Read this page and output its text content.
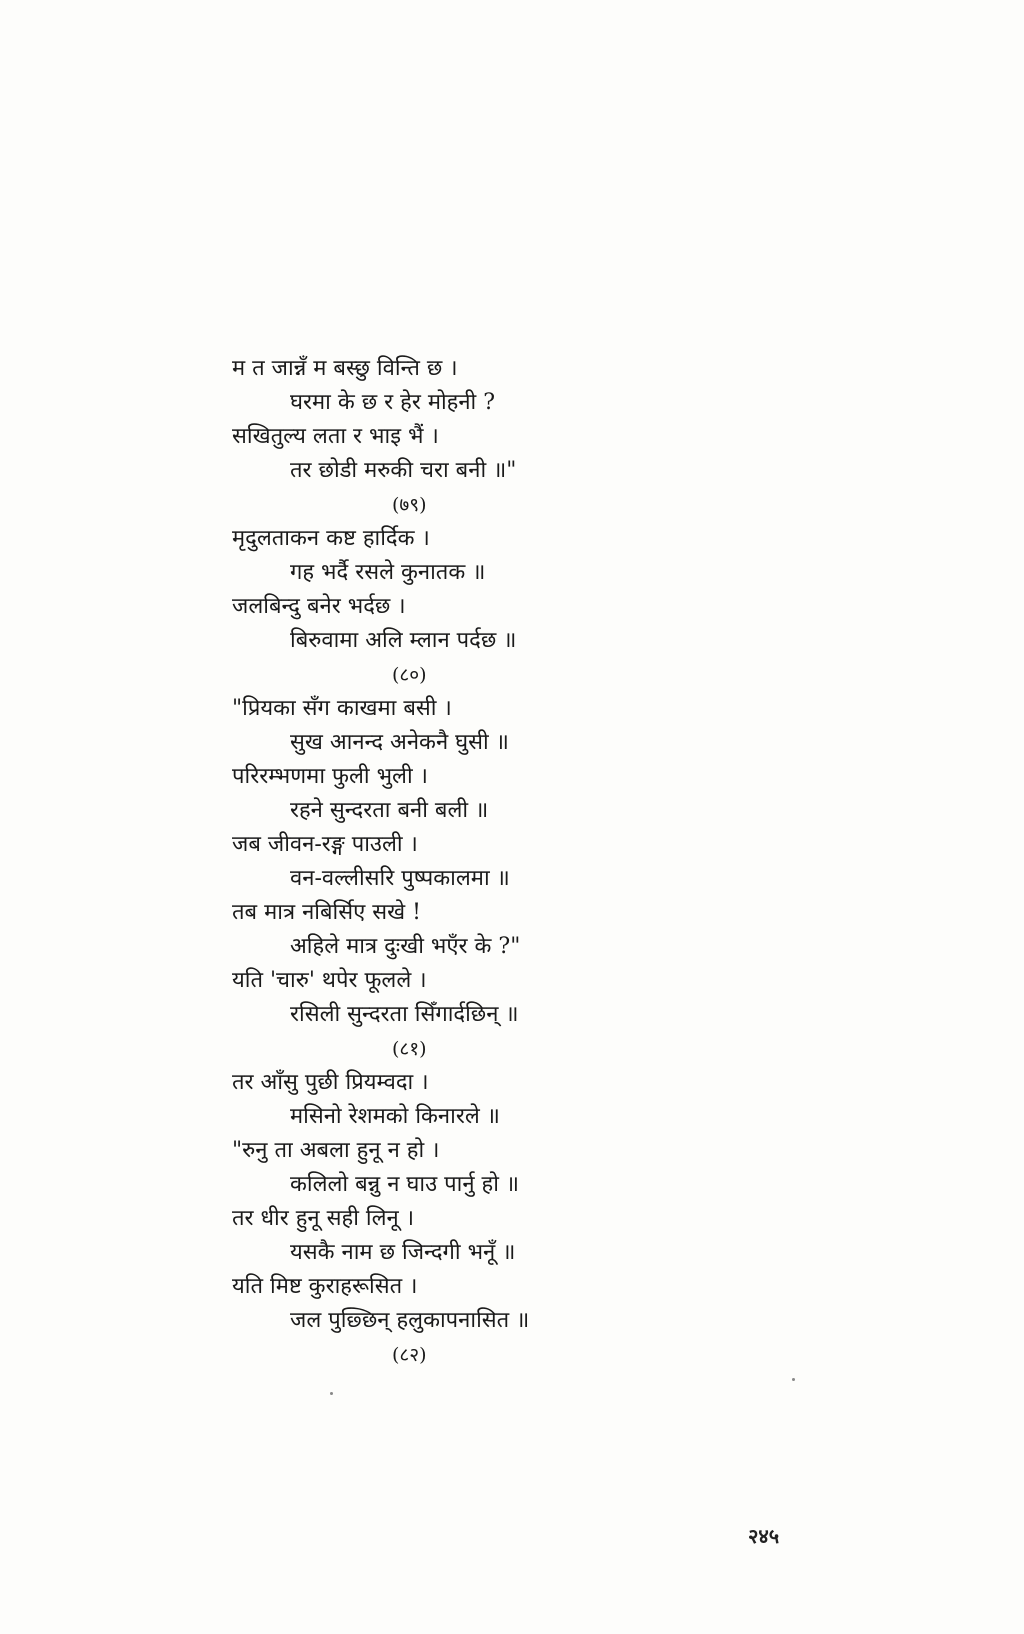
म त जान्नँ म बस्छु विन्ति छ ।
घरमा के छ र हेर मोहनी ?
सखितुल्य लता र भाइ भैं ।
तर छोडी मरुकी चरा बनी ॥"
(७९)
मृदुलताकन कष्ट हार्दिक ।
गह भर्दै रसले कुनातक ॥
जलबिन्दु बनेर भर्दछ ।
बिरुवामा अलि म्लान पर्दछ ॥
(८०)
"प्रियका सँग काखमा बसी ।
सुख आनन्द अनेकनै घुसी ॥
परिरम्भणमा फुली भुली ।
रहने सुन्दरता बनी बली ॥
जब जीवन-रङ्ग पाउली ।
वन-वल्लीसरि पुष्पकालमा ॥
तब मात्र नबिर्सिए सखे !
अहिले मात्र दुःखी भएँर के ?"
यति 'चारु' थपेर फूलले ।
रसिली सुन्दरता सिँगार्दछिन् ॥
(८१)
तर आँसु पुछी प्रियम्वदा ।
मसिनो रेशमको किनारले ॥
"रुनु ता अबला हुनू न हो ।
कलिलो बन्नु न घाउ पार्नु हो ॥
तर धीर हुनू सही लिनू ।
यसकै नाम छ जिन्दगी भनूँ ॥
यति मिष्ट कुराहरूसित ।
जल पुछ्छिन् हलुकापनासित ॥
(८२)
२४५
